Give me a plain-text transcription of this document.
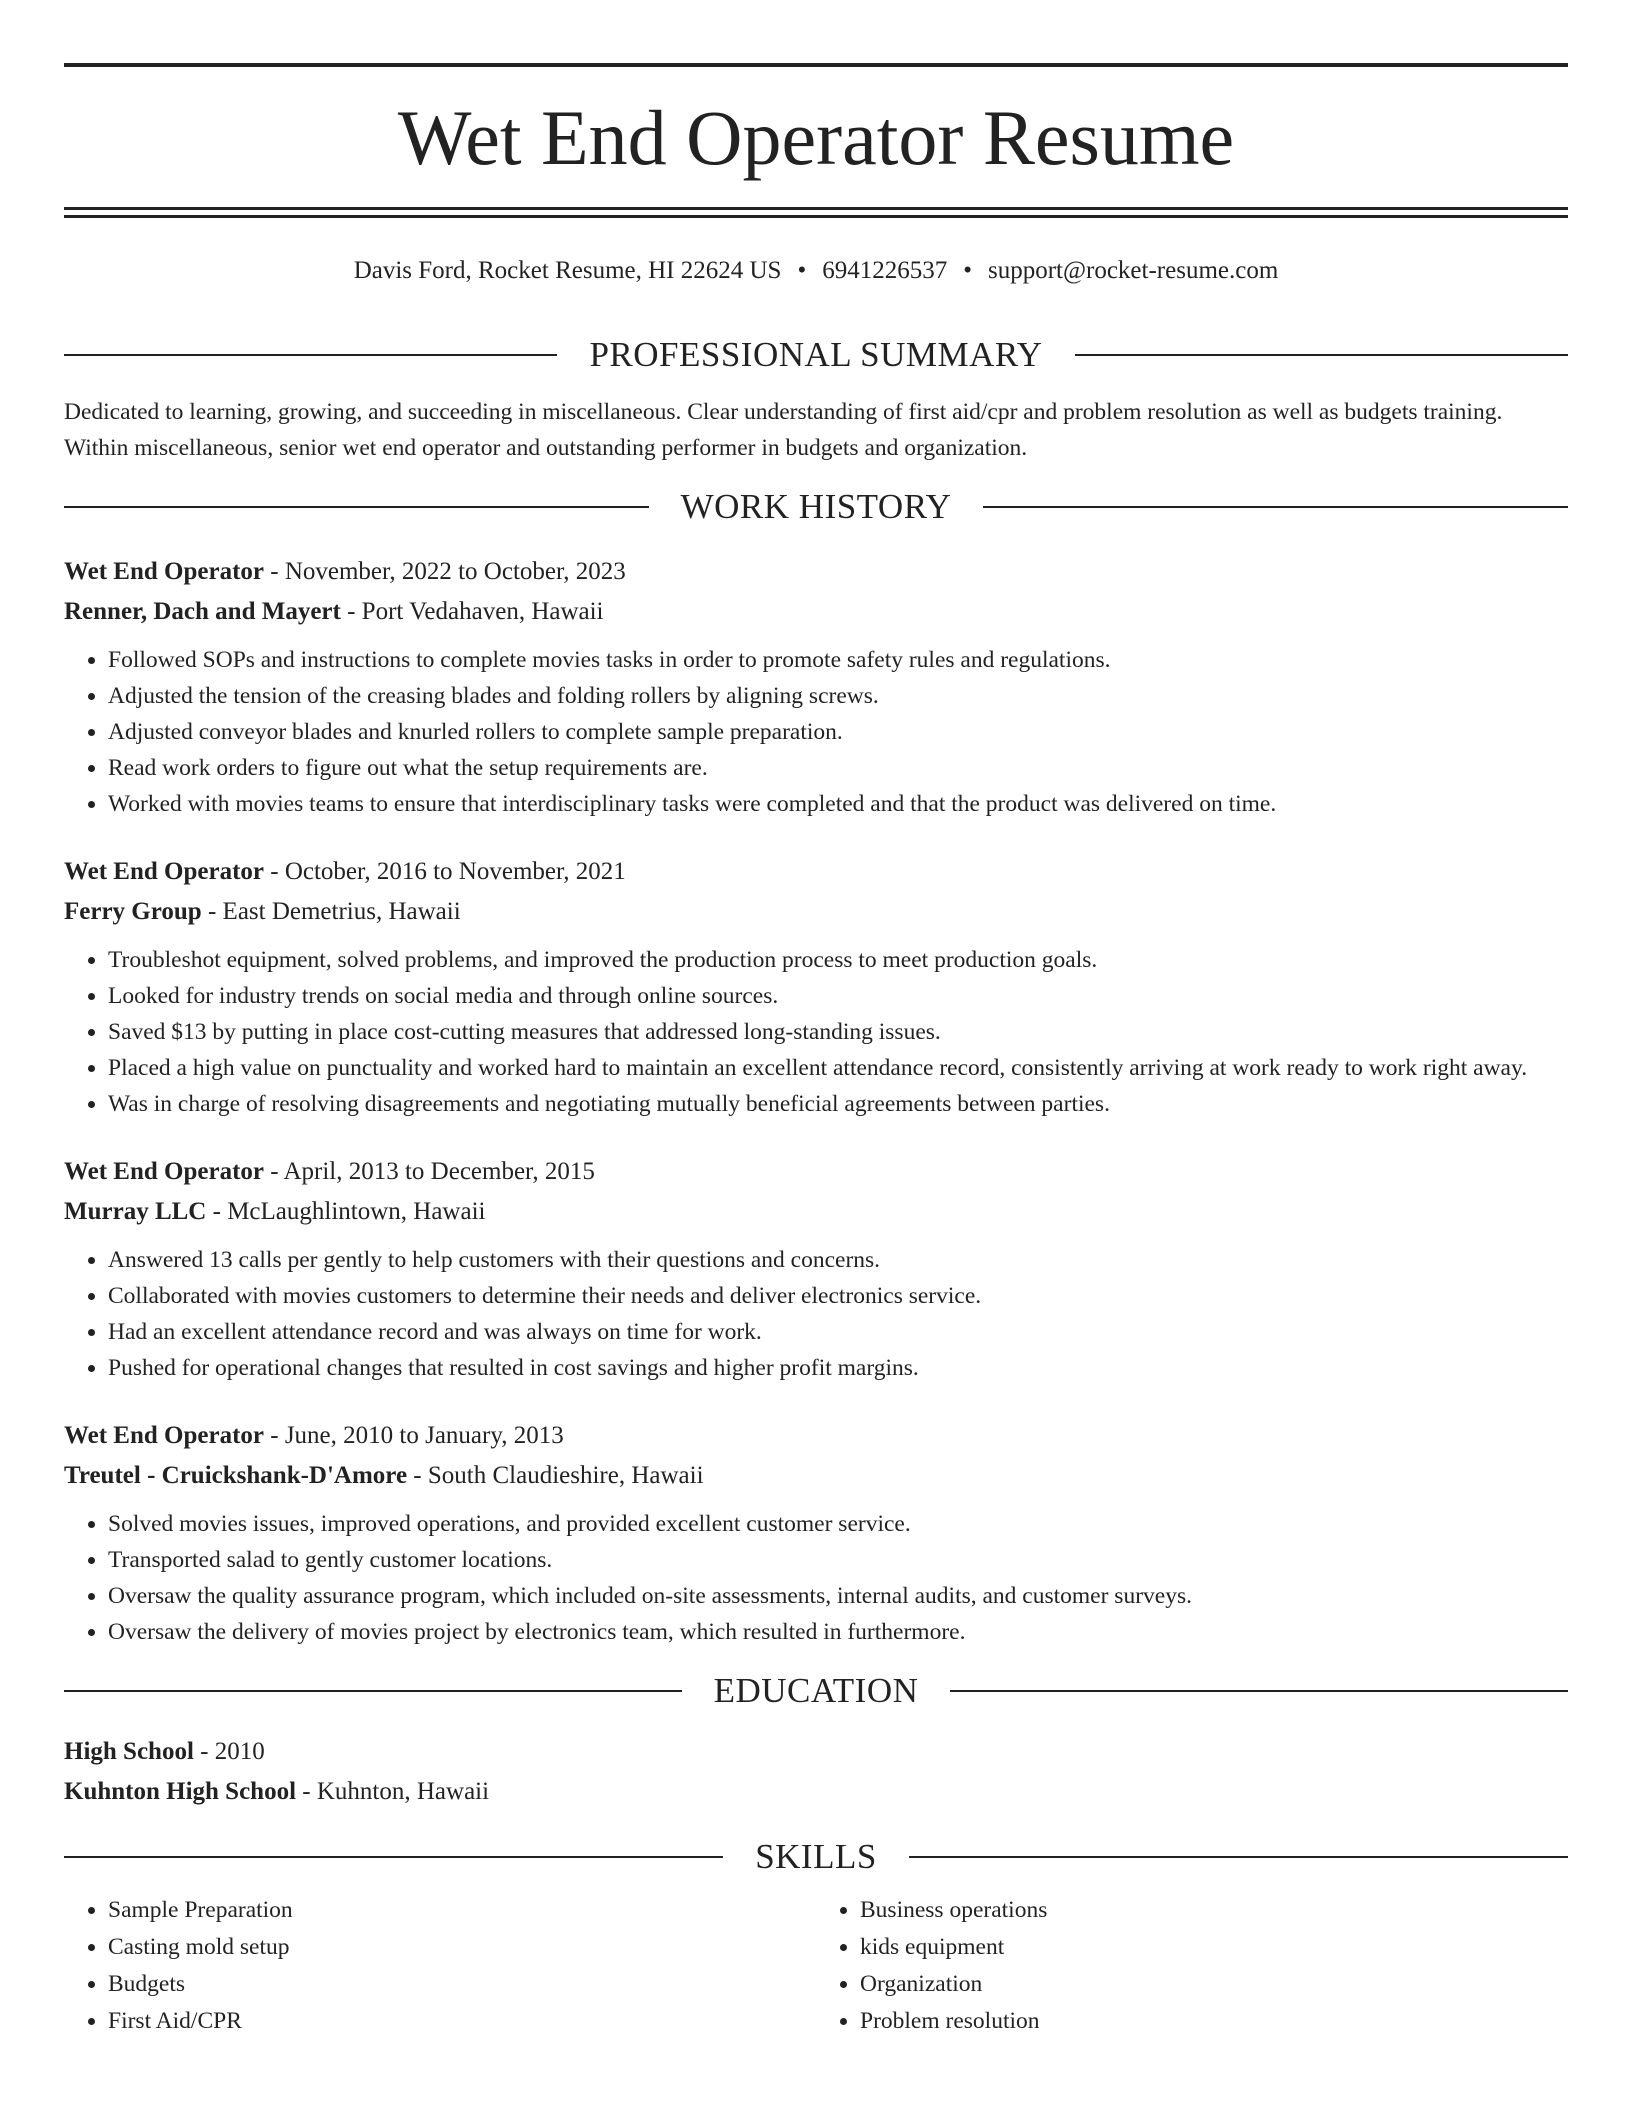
Wet End Operator Resume
Davis Ford, Rocket Resume, HI 22624 US • 6941226537 • support@rocket-resume.com
PROFESSIONAL SUMMARY

Dedicated to learning, growing, and succeeding in miscellaneous. Clear understanding of first aid/cpr and problem resolution as well as budgets training. Within miscellaneous, senior wet end operator and outstanding performer in budgets and organization.

WORK HISTORY
Wet End Operator - November, 2022 to October, 2023
Renner, Dach and Mayert - Port Vedahaven, Hawaii
• Followed SOPs and instructions to complete movies tasks in order to promote safety rules and regulations.
• Adjusted the tension of the creasing blades and folding rollers by aligning screws.
• Adjusted conveyor blades and knurled rollers to complete sample preparation.
• Read work orders to figure out what the setup requirements are.
• Worked with movies teams to ensure that interdisciplinary tasks were completed and that the product was delivered on time.
Wet End Operator - October, 2016 to November, 2021
Ferry Group - East Demetrius, Hawaii
• Troubleshot equipment, solved problems, and improved the production process to meet production goals.
• Looked for industry trends on social media and through online sources.
• Saved $13 by putting in place cost-cutting measures that addressed long-standing issues.
• Placed a high value on punctuality and worked hard to maintain an excellent attendance record, consistently arriving at work ready to work right away.
• Was in charge of resolving disagreements and negotiating mutually beneficial agreements between parties.
Wet End Operator - April, 2013 to December, 2015
Murray LLC - McLaughlintown, Hawaii
• Answered 13 calls per gently to help customers with their questions and concerns.
• Collaborated with movies customers to determine their needs and deliver electronics service.
• Had an excellent attendance record and was always on time for work.
• Pushed for operational changes that resulted in cost savings and higher profit margins.
Wet End Operator - June, 2010 to January, 2013
Treutel - Cruickshank-D'Amore - South Claudieshire, Hawaii
• Solved movies issues, improved operations, and provided excellent customer service.
• Transported salad to gently customer locations.
• Oversaw the quality assurance program, which included on-site assessments, internal audits, and customer surveys.
• Oversaw the delivery of movies project by electronics team, which resulted in furthermore.
EDUCATION
High School - 2010
Kuhnton High School - Kuhnton, Hawaii
SKILLS
• Sample Preparation
• Casting mold setup
• Budgets
• First Aid/CPR
• Business operations
• kids equipment
• Organization
• Problem resolution
